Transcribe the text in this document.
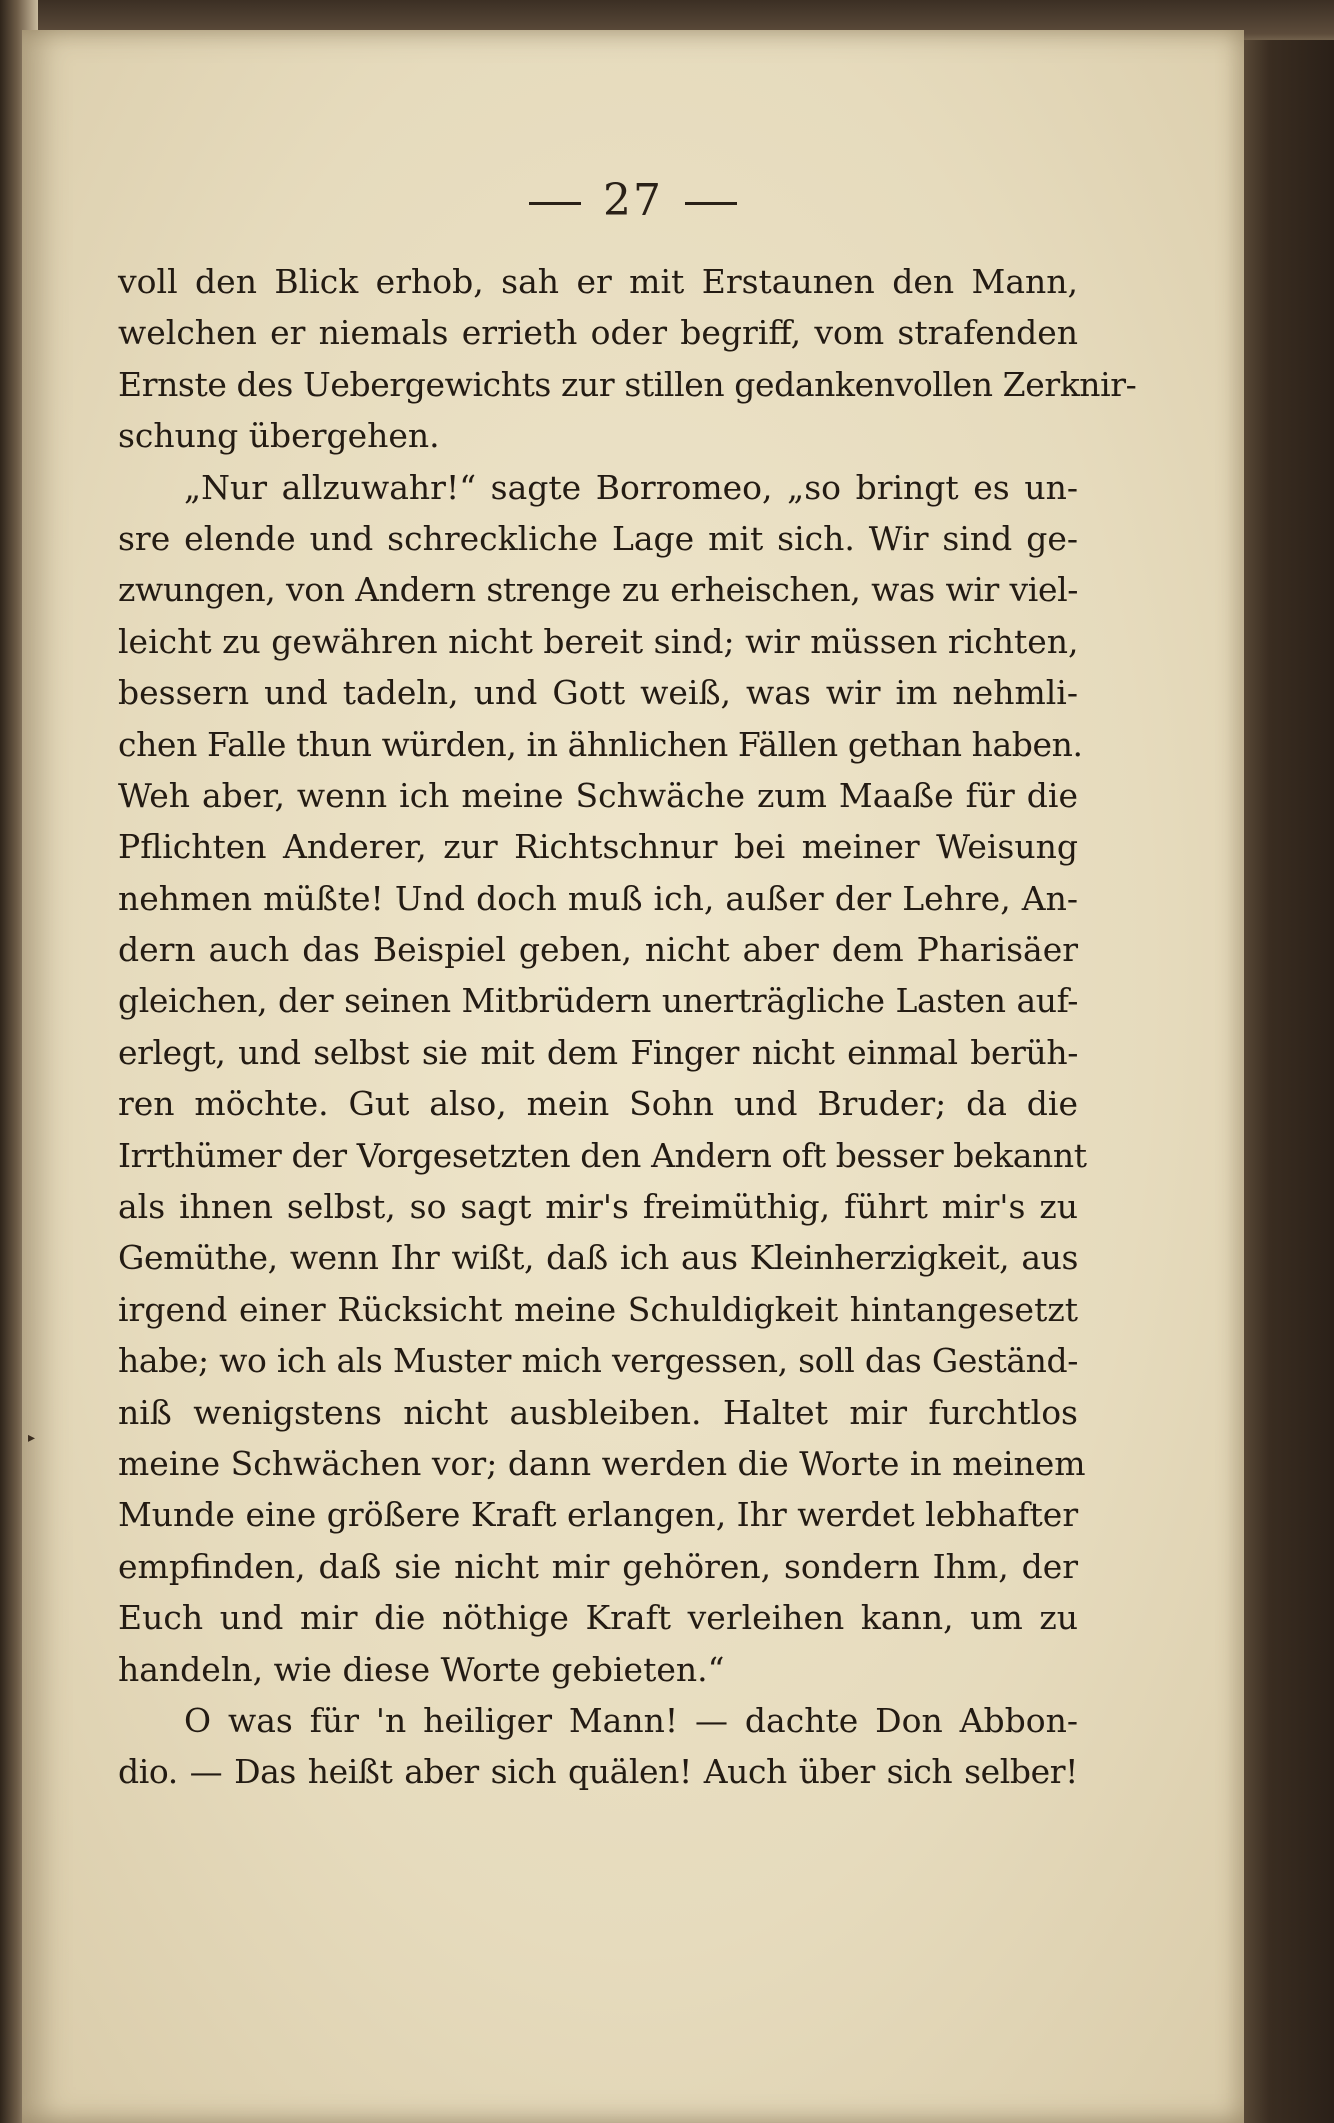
27
voll den Blick erhob, sah er mit Erstaunen den Mann,
welchen er niemals errieth oder begriff, vom strafenden
Ernste des Uebergewichts zur stillen gedankenvollen Zerknir-
schung übergehen.
„Nur allzuwahr!“ sagte Borromeo, „so bringt es un-
sre elende und schreckliche Lage mit sich. Wir sind ge-
zwungen, von Andern strenge zu erheischen, was wir viel-
leicht zu gewähren nicht bereit sind; wir müssen richten,
bessern und tadeln, und Gott weiß, was wir im nehmli-
chen Falle thun würden, in ähnlichen Fällen gethan haben.
Weh aber, wenn ich meine Schwäche zum Maaße für die
Pflichten Anderer, zur Richtschnur bei meiner Weisung
nehmen müßte! Und doch muß ich, außer der Lehre, An-
dern auch das Beispiel geben, nicht aber dem Pharisäer
gleichen, der seinen Mitbrüdern unerträgliche Lasten auf-
erlegt, und selbst sie mit dem Finger nicht einmal berüh-
ren möchte. Gut also, mein Sohn und Bruder; da die
Irrthümer der Vorgesetzten den Andern oft besser bekannt
als ihnen selbst, so sagt mir's freimüthig, führt mir's zu
Gemüthe, wenn Ihr wißt, daß ich aus Kleinherzigkeit, aus
irgend einer Rücksicht meine Schuldigkeit hintangesetzt
habe; wo ich als Muster mich vergessen, soll das Geständ-
niß wenigstens nicht ausbleiben. Haltet mir furchtlos
meine Schwächen vor; dann werden die Worte in meinem
Munde eine größere Kraft erlangen, Ihr werdet lebhafter
empfinden, daß sie nicht mir gehören, sondern Ihm, der
Euch und mir die nöthige Kraft verleihen kann, um zu
handeln, wie diese Worte gebieten.“
O was für 'n heiliger Mann! — dachte Don Abbon-
dio. — Das heißt aber sich quälen! Auch über sich selber!
▸
